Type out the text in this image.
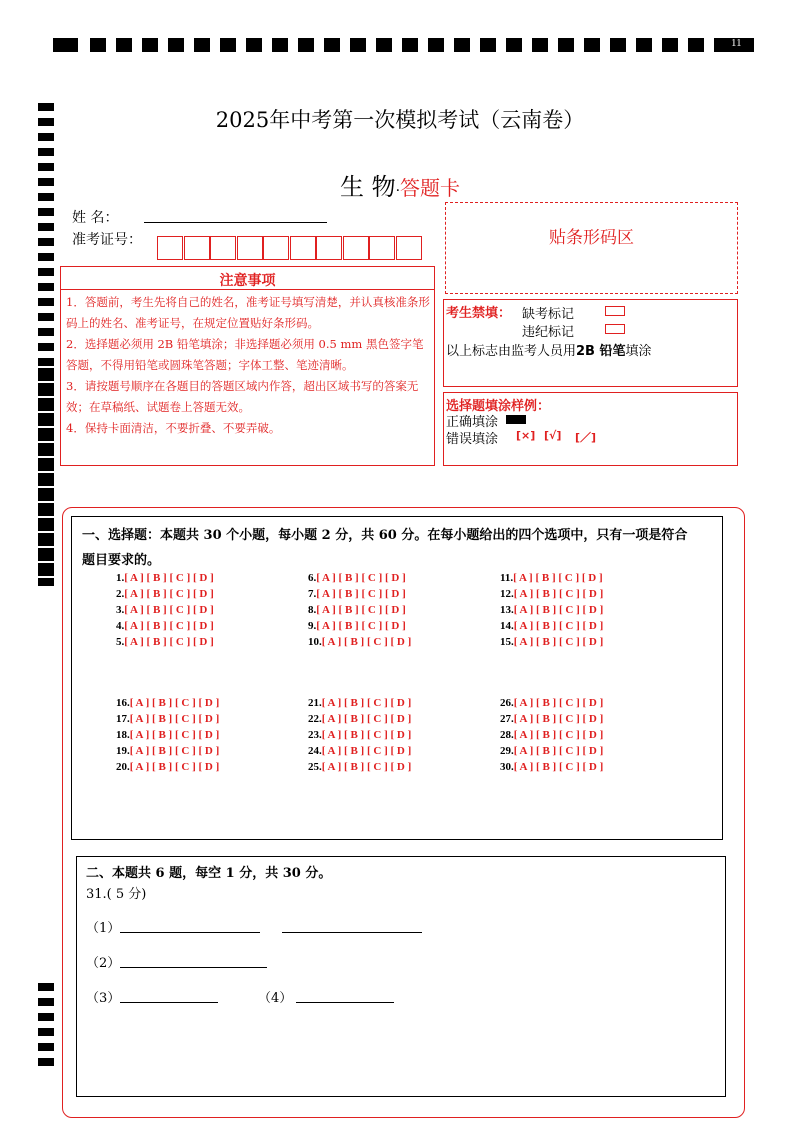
11
2025年中考第一次模拟考试（云南卷）
生 物·答题卡
姓 名：
准考证号：	贴条形码区
注意事项
1．答题前，考生先将自己的姓名，准考证号填写清楚，并认真核准条形码上的姓名、准考证号，在规定位置贴好条形码。
2．选择题必须用 2B 铅笔填涂；非选择题必须用 0.5 mm 黑色签字笔答题，不得用铅笔或圆珠笔答题；字体工整、笔迹清晰。
3．请按题号顺序在各题目的答题区域内作答，超出区域书写的答案无效；在草稿纸、试题卷上答题无效。
4．保持卡面清洁，不要折叠、不要弄破。
考生禁填： 缺考标记
违纪标记
以上标志由监考人员用2B 铅笔填涂
选择题填涂样例：
正确填涂
错误填涂 [×] [√] [／]
一、选择题：本题共 30 个小题，每小题 2 分，共 60 分。在每小题给出的四个选项中，只有一项是符合
题目要求的。
1.[ A ] [ B ] [ C ] [ D ]
2.[ A ] [ B ] [ C ] [ D ]
3.[ A ] [ B ] [ C ] [ D ]
4.[ A ] [ B ] [ C ] [ D ]
5.[ A ] [ B ] [ C ] [ D ]
6.[ A ] [ B ] [ C ] [ D ]
7.[ A ] [ B ] [ C ] [ D ]
8.[ A ] [ B ] [ C ] [ D ]
9.[ A ] [ B ] [ C ] [ D ]
10.[ A ] [ B ] [ C ] [ D ]
11.[ A ] [ B ] [ C ] [ D ]
12.[ A ] [ B ] [ C ] [ D ]
13.[ A ] [ B ] [ C ] [ D ]
14.[ A ] [ B ] [ C ] [ D ]
15.[ A ] [ B ] [ C ] [ D ]
16.[ A ] [ B ] [ C ] [ D ]
17.[ A ] [ B ] [ C ] [ D ]
18.[ A ] [ B ] [ C ] [ D ]
19.[ A ] [ B ] [ C ] [ D ]
20.[ A ] [ B ] [ C ] [ D ]
21.[ A ] [ B ] [ C ] [ D ]
22.[ A ] [ B ] [ C ] [ D ]
23.[ A ] [ B ] [ C ] [ D ]
24.[ A ] [ B ] [ C ] [ D ]
25.[ A ] [ B ] [ C ] [ D ]
26.[ A ] [ B ] [ C ] [ D ]
27.[ A ] [ B ] [ C ] [ D ]
28.[ A ] [ B ] [ C ] [ D ]
29.[ A ] [ B ] [ C ] [ D ]
30.[ A ] [ B ] [ C ] [ D ]
二、本题共 6 题，每空 1 分，共 30 分。
31.( 5 分)
（1）
（2）
（3）	（4）
